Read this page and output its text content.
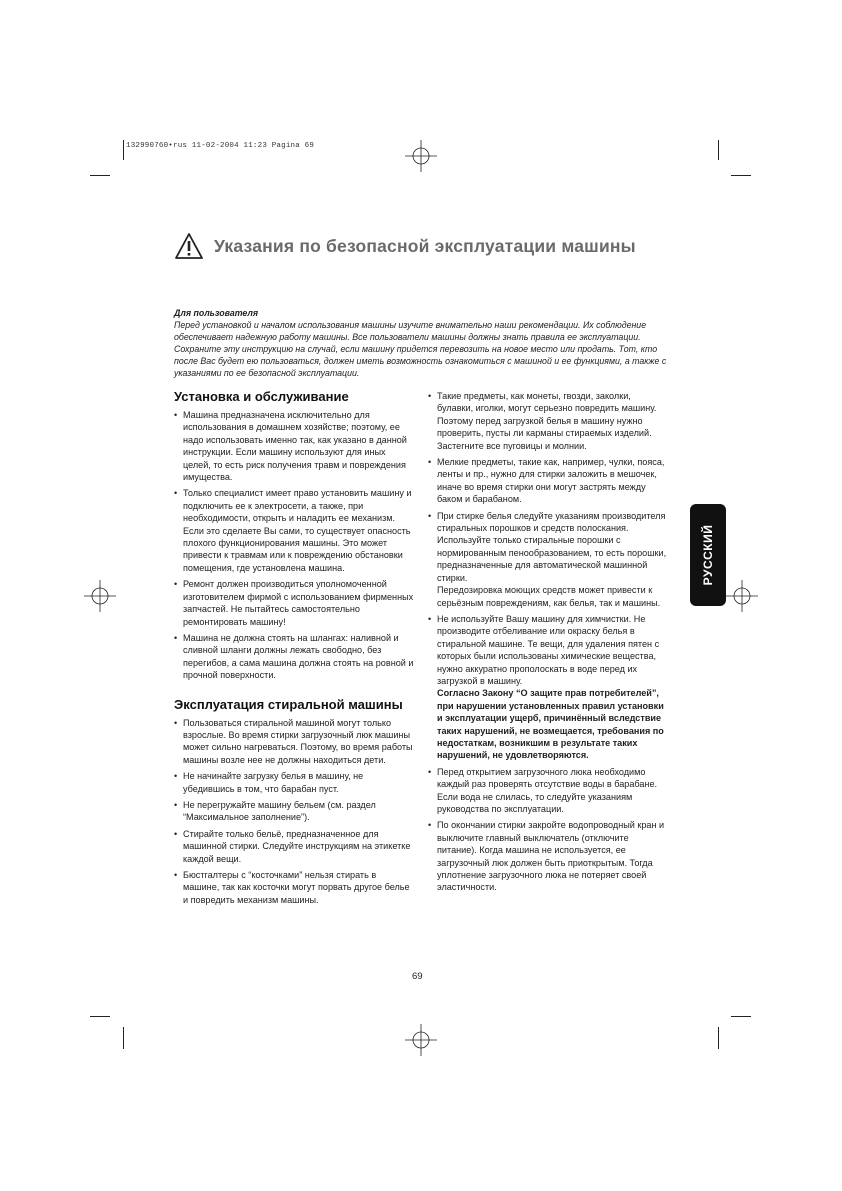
132990760•rus 11-02-2004 11:23 Pagina 69
Указания по безопасной эксплуатации машины
Для пользователя
Перед установкой и началом использования машины изучите внимательно наши рекомендации. Их соблюдение обеспечивает надежную работу машины. Все пользователи машины должны знать правила ее эксплуатации. Сохраните эту инструкцию на случай, если машину придется перевозить на новое место или продать. Тот, кто после Вас будет ею пользоваться, должен иметь возможность ознакомиться с машиной и ее функциями, а также с указаниями по ее безопасной эксплуатации.
Установка и обслуживание
• Машина предназначена исключительно для использования в домашнем хозяйстве; поэтому, ее надо использовать именно так, как указано в данной инструкции. Если машину используют для иных целей, то есть риск получения травм и повреждения имущества.
• Только специалист имеет право установить машину и подключить ее к электросети, а также, при необходимости, открыть и наладить ее механизм.
Если это сделаете Вы сами, то существует опасность плохого функционирования машины. Это может привести к травмам или к повреждению обстановки помещения, где установлена машина.
• Ремонт должен производиться уполномоченной изготовителем фирмой с использованием фирменных запчастей. Не пытайтесь самостоятельно ремонтировать машину!
• Машина не должна стоять на шлангах: наливной и сливной шланги должны лежать свободно, без перегибов, а сама машина должна стоять на ровной и прочной поверхности.
Эксплуатация стиральной машины
• Пользоваться стиральной машиной могут только взрослые. Во время стирки загрузочный люк машины может сильно нагреваться. Поэтому, во время работы машины возле нее не должны находиться дети.
• Не начинайте загрузку белья в машину, не убедившись в том, что барабан пуст.
• Не перегружайте машину бельем (см. раздел “Максимальное заполнение”).
• Стирайте только бельё, предназначенное для машинной стирки. Следуйте инструкциям на этикетке каждой вещи.
• Бюстгалтеры с “косточками” нельзя стирать в машине, так как косточки могут порвать другое белье и повредить механизм машины.
• Такие предметы, как монеты, гвозди, заколки, булавки, иголки, могут серьезно повредить машину. Поэтому перед загрузкой белья в машину нужно проверить, пусты ли карманы стираемых изделий. Застегните все пуговицы и молнии.
• Мелкие предметы, такие как, например, чулки, пояса, ленты и пр., нужно для стирки заложить в мешочек, иначе во время стирки они могут застрять между баком и барабаном.
• При стирке белья следуйте указаниям производителя стиральных порошков и средств полоскания. Используйте только стиральные порошки с нормированным пенообразованием, то есть порошки, предназначенные для автоматической машинной стирки.
Передозировка моющих средств может привести к серьёзным повреждениям, как белья, так и машины.
• Не используйте Вашу машину для химчистки. Не производите отбеливание или окраску белья в стиральной машине. Те вещи, для удаления пятен с которых были использованы химические вещества, нужно аккуратно прополоскать в воде перед их загрузкой в машину.
Согласно Закону “О защите прав потребителей”, при нарушении установленных правил установки и эксплуатации ущерб, причинённый вследствие таких нарушений, не возмещается, требования по недостаткам, возникшим в результате таких нарушений, не удовлетворяются.
• Перед открытием загрузочного люка необходимо каждый раз проверять отсутствие воды в барабане. Если вода не слилась, то следуйте указаниям руководства по эксплуатации.
• По окончании стирки закройте водопроводный кран и выключите главный выключатель (отключите питание). Когда машина не используется, ее загрузочный люк должен быть приоткрытым. Тогда уплотнение загрузочного люка не потеряет своей эластичности.
РУССКИЙ
69
